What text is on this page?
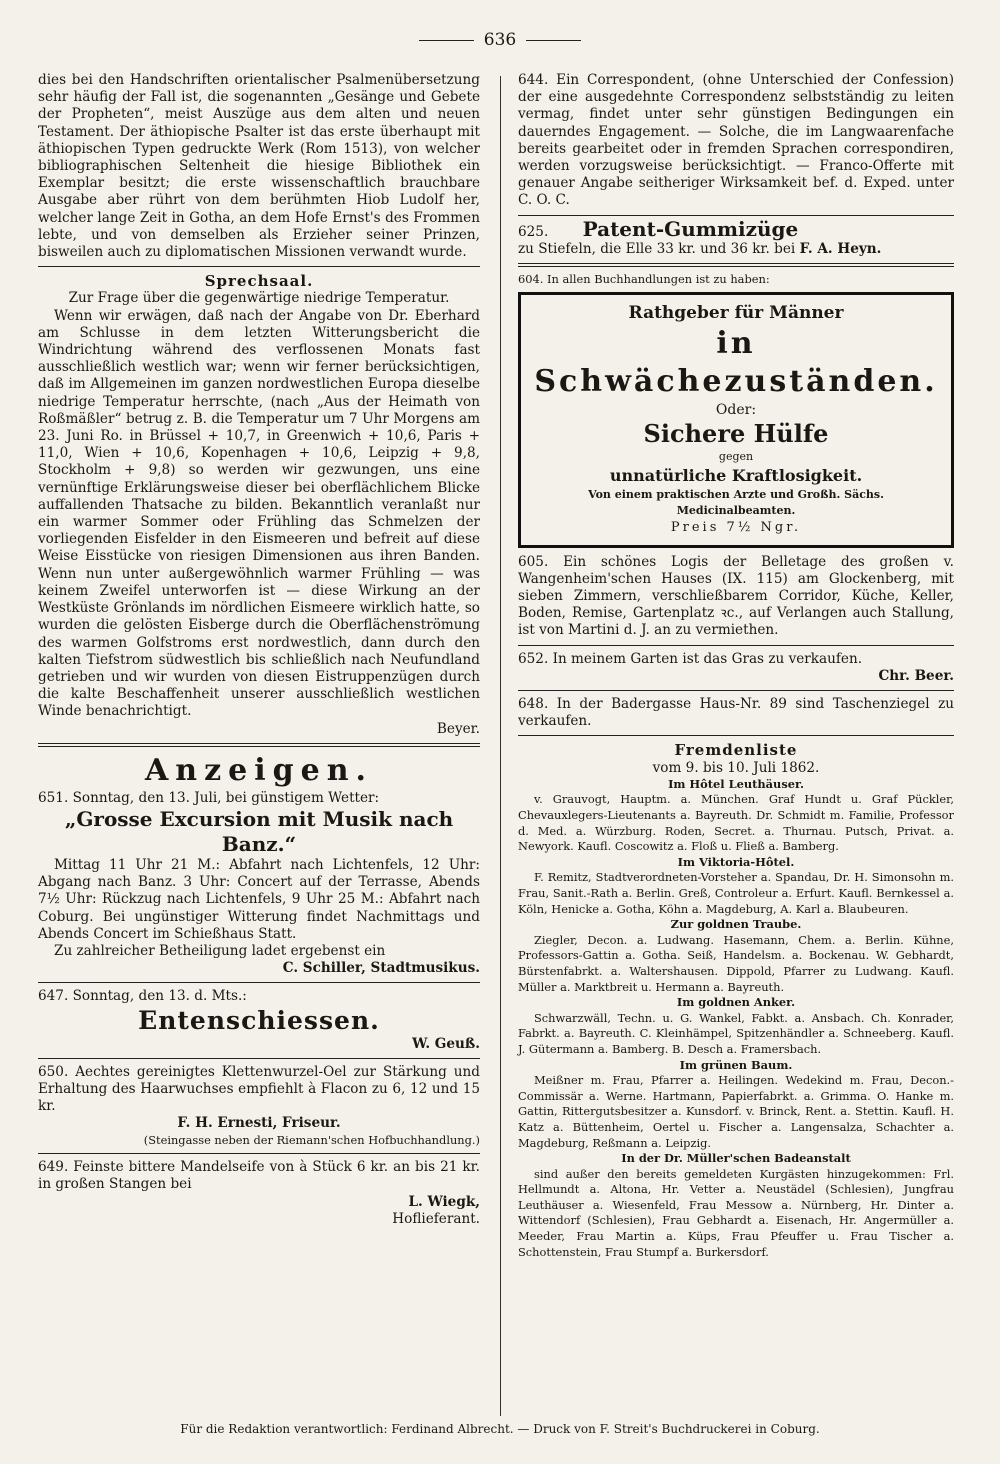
636

dies bei den Handschriften orientalischer Psalmenübersetzung sehr häufig der Fall ist, die sogenannten „Gesänge und Gebete der Propheten“, meist Auszüge aus dem alten und neuen Testament. Der äthiopische Psalter ist das erste überhaupt mit äthiopischen Typen gedruckte Werk (Rom 1513), von welcher bibliographischen Seltenheit die hiesige Bibliothek ein Exemplar besitzt; die erste wissenschaftlich brauchbare Ausgabe aber rührt von dem berühmten Hiob Ludolf her, welcher lange Zeit in Gotha, an dem Hofe Ernst's des Frommen lebte, und von demselben als Erzieher seiner Prinzen, bisweilen auch zu diplomatischen Missionen verwandt wurde.

Sprechsaal.

Zur Frage über die gegenwärtige niedrige Temperatur.

Wenn wir erwägen, daß nach der Angabe von Dr. Eberhard am Schlusse in dem letzten Witterungsbericht die Windrichtung während des verflossenen Monats fast ausschließlich westlich war; wenn wir ferner berücksichtigen, daß im Allgemeinen im ganzen nordwestlichen Europa dieselbe niedrige Temperatur herrschte, (nach „Aus der Heimath von Roßmäßler“ betrug z. B. die Temperatur um 7 Uhr Morgens am 23. Juni Ro. in Brüssel + 10,7, in Greenwich + 10,6, Paris + 11,0, Wien + 10,6, Kopenhagen + 10,6, Leipzig + 9,8, Stockholm + 9,8) so werden wir gezwungen, uns eine vernünftige Erklärungsweise dieser bei oberflächlichem Blicke auffallenden Thatsache zu bilden. Bekanntlich veranlaßt nur ein warmer Sommer oder Frühling das Schmelzen der vorliegenden Eisfelder in den Eismeeren und befreit auf diese Weise Eisstücke von riesigen Dimensionen aus ihren Banden. Wenn nun unter außergewöhnlich warmer Frühling — was keinem Zweifel unterworfen ist — diese Wirkung an der Westküste Grönlands im nördlichen Eismeere wirklich hatte, so wurden die gelösten Eisberge durch die Oberflächenströmung des warmen Golfstroms erst nordwestlich, dann durch den kalten Tiefstrom südwestlich bis schließlich nach Neufundland getrieben und wir wurden von diesen Eistruppenzügen durch die kalte Beschaffenheit unserer ausschließlich westlichen Winde benachrichtigt.

Beyer.

Anzeigen.

651. Sonntag, den 13. Juli, bei günstigem Wetter:

„Grosse Excursion mit Musik nach Banz.“

Mittag 11 Uhr 21 M.: Abfahrt nach Lichtenfels, 12 Uhr: Abgang nach Banz. 3 Uhr: Concert auf der Terrasse, Abends 7½ Uhr: Rückzug nach Lichtenfels, 9 Uhr 25 M.: Abfahrt nach Coburg. Bei ungünstiger Witterung findet Nachmittags und Abends Concert im Schießhaus Statt.

Zu zahlreicher Betheiligung ladet ergebenst ein

C. Schiller, Stadtmusikus.

647. Sonntag, den 13. d. Mts.:

Entenschiessen.

W. Geuß.

650. Aechtes gereinigtes Klettenwurzel-Oel zur Stärkung und Erhaltung des Haarwuchses empfiehlt à Flacon zu 6, 12 und 15 kr.

F. H. Ernesti, Friseur.

(Steingasse neben der Riemann'schen Hofbuchhandlung.)

649. Feinste bittere Mandelseife von à Stück 6 kr. an bis 21 kr. in großen Stangen bei

L. Wiegk,

Hoflieferant.

644. Ein Correspondent, (ohne Unterschied der Confession) der eine ausgedehnte Correspondenz selbstständig zu leiten vermag, findet unter sehr günstigen Bedingungen ein dauerndes Engagement. — Solche, die im Langwaarenfache bereits gearbeitet oder in fremden Sprachen correspondiren, werden vorzugsweise berücksichtigt. — Franco-Offerte mit genauer Angabe seitheriger Wirksamkeit bef. d. Exped. unter C. O. C.

625. Patent-Gummizüge

zu Stiefeln, die Elle 33 kr. und 36 kr. bei F. A. Heyn.

604. In allen Buchhandlungen ist zu haben:

Rathgeber für Männer
in Schwächezuständen.
Oder:
Sichere Hülfe
gegen
unnatürliche Kraftlosigkeit.
Von einem praktischen Arzte und Großh. Sächs. Medicinalbeamten.
Preis 7½ Ngr.

605. Ein schönes Logis der Belletage des großen v. Wangenheim'schen Hauses (IX. 115) am Glockenberg, mit sieben Zimmern, verschließbarem Corridor, Küche, Keller, Boden, Remise, Gartenplatz ꝛc., auf Verlangen auch Stallung, ist von Martini d. J. an zu vermiethen.

652. In meinem Garten ist das Gras zu verkaufen.

Chr. Beer.

648. In der Badergasse Haus-Nr. 89 sind Taschenziegel zu verkaufen.

Fremdenliste

vom 9. bis 10. Juli 1862.

Im Hôtel Leuthäuser.

v. Grauvogt, Hauptm. a. München. Graf Hundt u. Graf Pückler, Chevauxlegers-Lieutenants a. Bayreuth. Dr. Schmidt m. Familie, Professor d. Med. a. Würzburg. Roden, Secret. a. Thurnau. Putsch, Privat. a. Newyork. Kaufl. Coscowitz a. Floß u. Fließ a. Bamberg.

Im Viktoria-Hôtel.

F. Remitz, Stadtverordneten-Vorsteher a. Spandau, Dr. H. Simonsohn m. Frau, Sanit.-Rath a. Berlin. Greß, Controleur a. Erfurt. Kaufl. Bernkessel a. Köln, Henicke a. Gotha, Köhn a. Magdeburg, A. Karl a. Blaubeuren.

Zur goldnen Traube.

Ziegler, Decon. a. Ludwang. Hasemann, Chem. a. Berlin. Kühne, Professors-Gattin a. Gotha. Seiß, Handelsm. a. Bockenau. W. Gebhardt, Bürstenfabrkt. a. Waltershausen. Dippold, Pfarrer zu Ludwang. Kaufl. Müller a. Marktbreit u. Hermann a. Bayreuth.

Im goldnen Anker.

Schwarzwäll, Techn. u. G. Wankel, Fabkt. a. Ansbach. Ch. Konrader, Fabrkt. a. Bayreuth. C. Kleinhämpel, Spitzenhändler a. Schneeberg. Kaufl. J. Gütermann a. Bamberg. B. Desch a. Framersbach.

Im grünen Baum.

Meißner m. Frau, Pfarrer a. Heilingen. Wedekind m. Frau, Decon.-Commissär a. Werne. Hartmann, Papierfabrkt. a. Grimma. O. Hanke m. Gattin, Rittergutsbesitzer a. Kunsdorf. v. Brinck, Rent. a. Stettin. Kaufl. H. Katz a. Büttenheim, Oertel u. Fischer a. Langensalza, Schachter a. Magdeburg, Reßmann a. Leipzig.

In der Dr. Müller'schen Badeanstalt

sind außer den bereits gemeldeten Kurgästen hinzugekommen: Frl. Hellmundt a. Altona, Hr. Vetter a. Neustädel (Schlesien), Jungfrau Leuthäuser a. Wiesenfeld, Frau Messow a. Nürnberg, Hr. Dinter a. Wittendorf (Schlesien), Frau Gebhardt a. Eisenach, Hr. Angermüller a. Meeder, Frau Martin a. Küps, Frau Pfeuffer u. Frau Tischer a. Schottenstein, Frau Stumpf a. Burkersdorf.

Für die Redaktion verantwortlich: Ferdinand Albrecht. — Druck von F. Streit's Buchdruckerei in Coburg.
